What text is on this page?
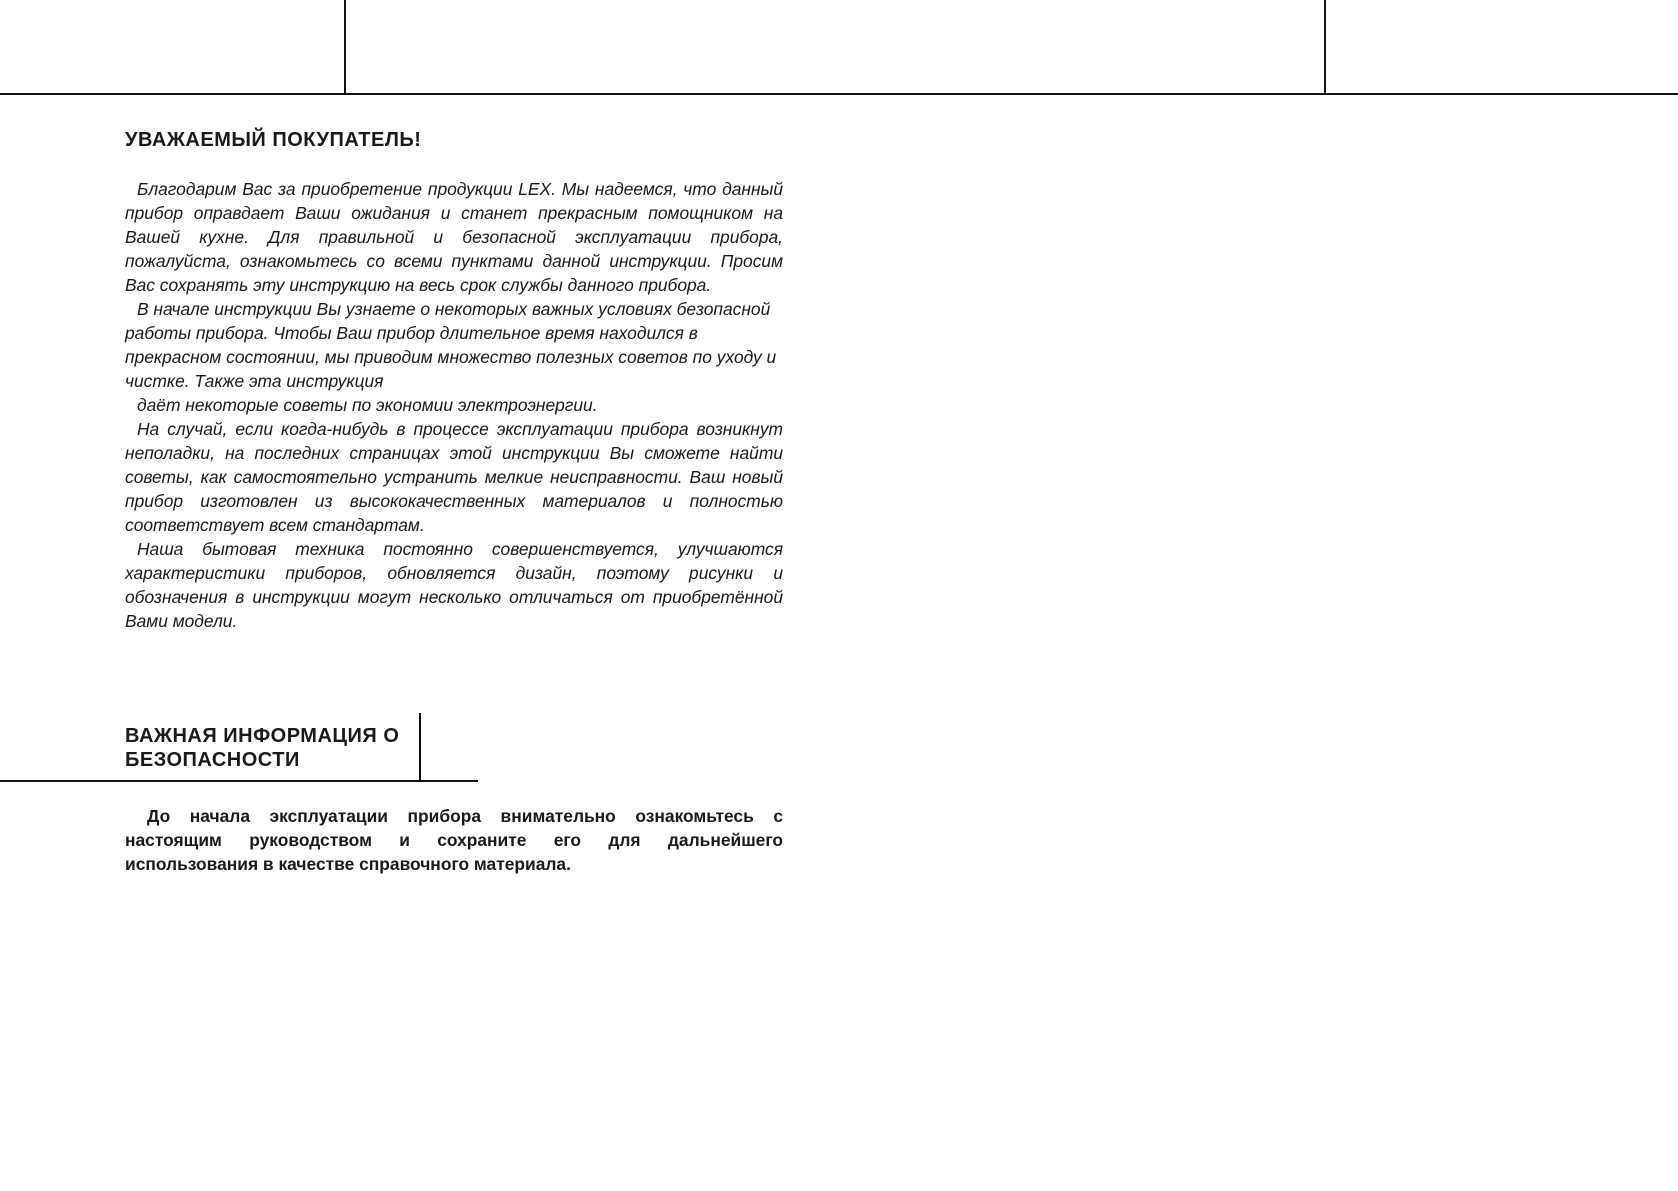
УВАЖАЕМЫЙ ПОКУПАТЕЛЬ!

Благодарим Вас за приобретение продукции LEX. Мы надеемся, что данный прибор оправдает Ваши ожидания и станет прекрасным помощником на Вашей кухне. Для правильной и безопасной эксплуатации прибора, пожалуйста, ознакомьтесь со всеми пунктами данной инструкции. Просим Вас сохранять эту инструкцию на весь срок службы данного прибора.

В начале инструкции Вы узнаете о некоторых важных условиях безопасной работы прибора. Чтобы Ваш прибор длительное время находился в прекрасном состоянии, мы приводим множество полезных советов по уходу и чистке. Также эта инструкция

даёт некоторые советы по экономии электроэнергии.

На случай, если когда-нибудь в процессе эксплуатации прибора возникнут неполадки, на последних страницах этой инструкции Вы сможете найти советы, как самостоятельно устранить мелкие неисправности. Ваш новый прибор изготовлен из высококачественных материалов и полностью соответствует всем стандартам.

Наша бытовая техника постоянно совершенствуется, улучшаются характеристики приборов, обновляется дизайн, поэтому рисунки и обозначения в инструкции могут несколько отличаться от приобретённой Вами модели.

ВАЖНАЯ ИНФОРМАЦИЯ О
БЕЗОПАСНОСТИ

До начала эксплуатации прибора внимательно ознакомьтесь с настоящим руководством и сохраните его для дальнейшего использования в качестве справочного материала.
